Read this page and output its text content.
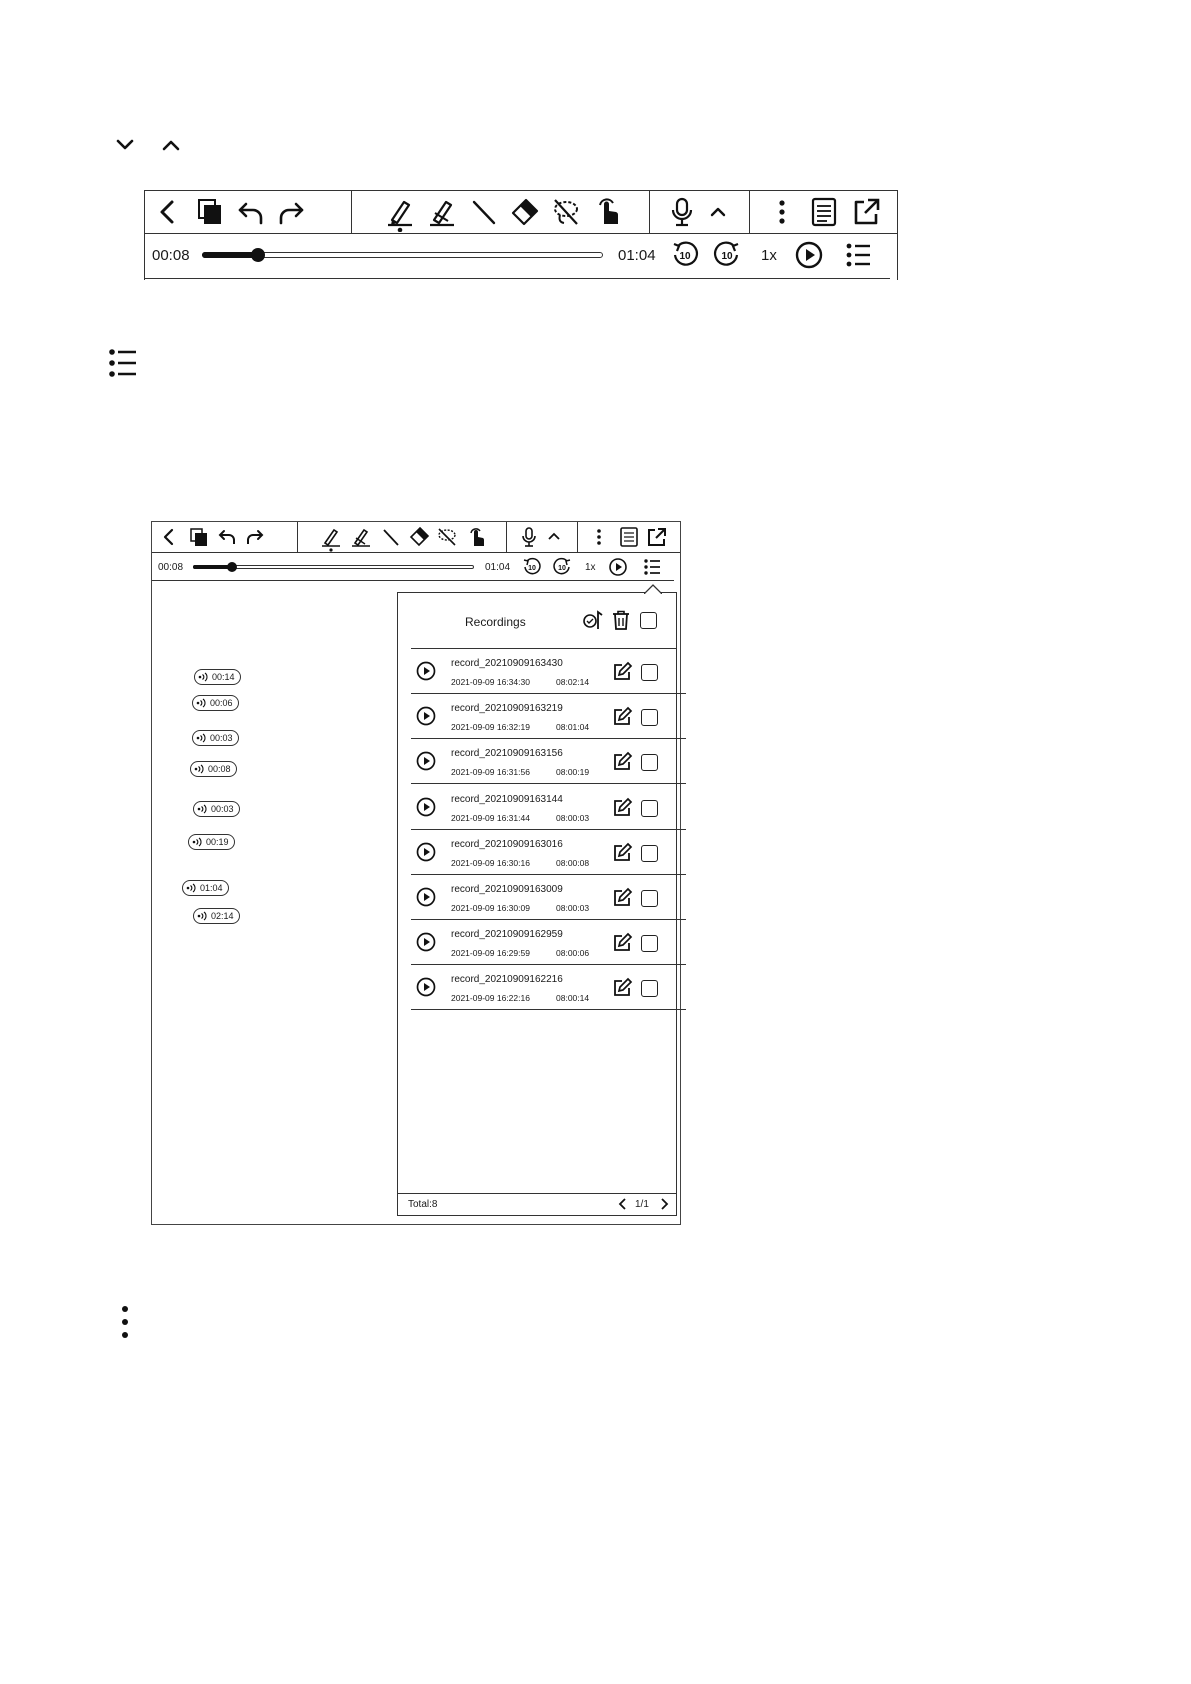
00:08	01:04 10	10 1x
00:08	01:04	10	10 1x
00:14
00:06
00:03
00:08
00:03
00:19
01:04
02:14
Recordings
record_20210909163430
2021-09-09 16:34:30	08:02:14
record_20210909163219
2021-09-09 16:32:19	08:01:04
record_20210909163156
2021-09-09 16:31:56	08:00:19
record_20210909163144
2021-09-09 16:31:44	08:00:03
record_20210909163016
2021-09-09 16:30:16	08:00:08
record_20210909163009
2021-09-09 16:30:09	08:00:03
record_20210909162959
2021-09-09 16:29:59	08:00:06
record_20210909162216
2021-09-09 16:22:16	08:00:14
Total:8	1/1
